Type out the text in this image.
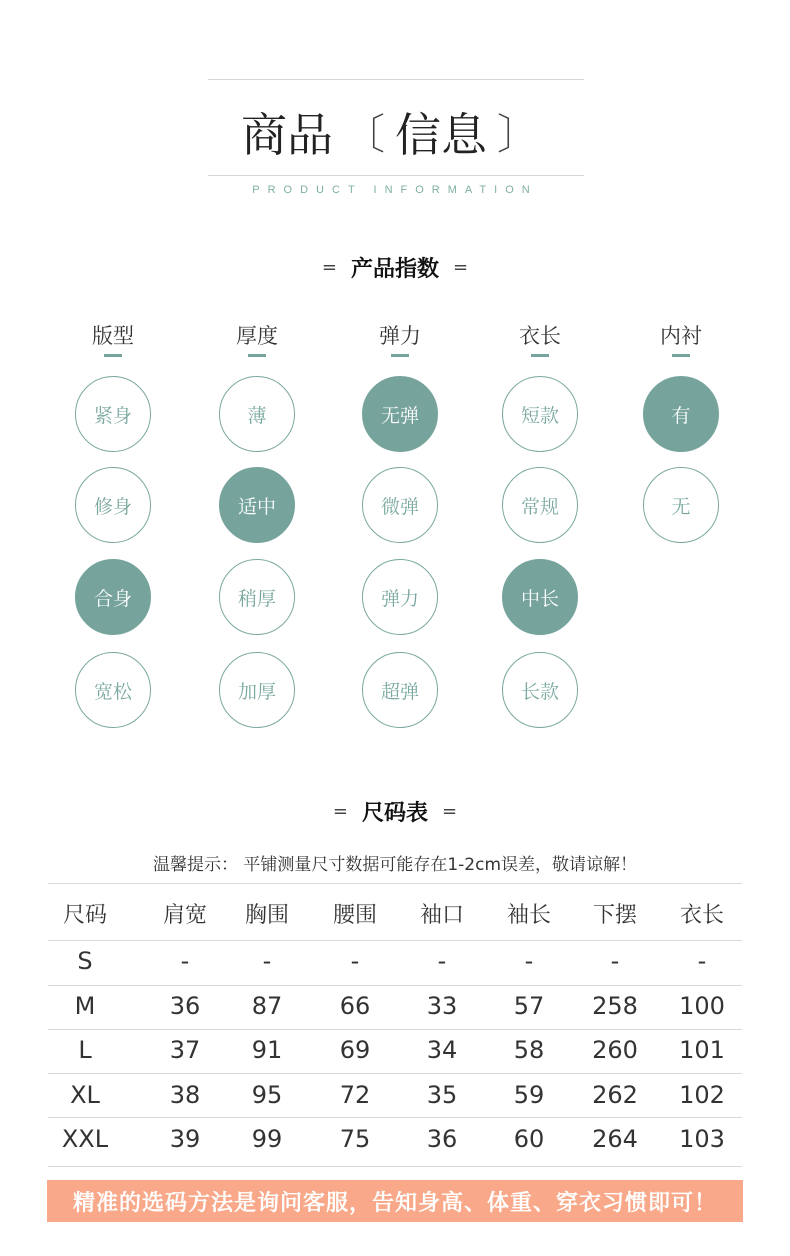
商品 〔 信息 〕
PRODUCT INFORMATION
= 产品指数 =
版型
紧身
修身
合身
宽松
厚度
薄
适中
稍厚
加厚
弹力
无弹
微弹
弹力
超弹
衣长
短款
常规
中长
长款
内衬
有
无
= 尺码表 =
温馨提示： 平铺测量尺寸数据可能存在1-2cm误差，敬请谅解！
尺码	肩宽	胸围	腰围	袖口	袖长	下摆	衣长
S	-	-	-	-	-	-	-
M	36	87	66	33	57	258	100
L	37	91	69	34	58	260	101
XL	38	95	72	35	59	262	102
XXL	39	99	75	36	60	264	103
精准的选码方法是询问客服，告知身高、体重、穿衣习惯即可！
